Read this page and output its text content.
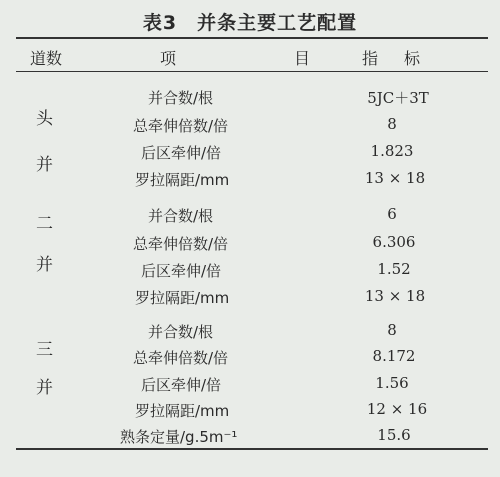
表3　并条主要工艺配置
道数	项	目	指 标
头
并
并合数/根	5JC＋3T
总牵伸倍数/倍	8
后区牵伸/倍	1.823
罗拉隔距/mm	13 × 18
二
并
并合数/根	6
总牵伸倍数/倍	6.306
后区牵伸/倍	1.52
罗拉隔距/mm	13 × 18
三
并
并合数/根	8
总牵伸倍数/倍	8.172
后区牵伸/倍	1.56
罗拉隔距/mm	12 × 16
熟条定量/g.5m⁻¹	15.6
